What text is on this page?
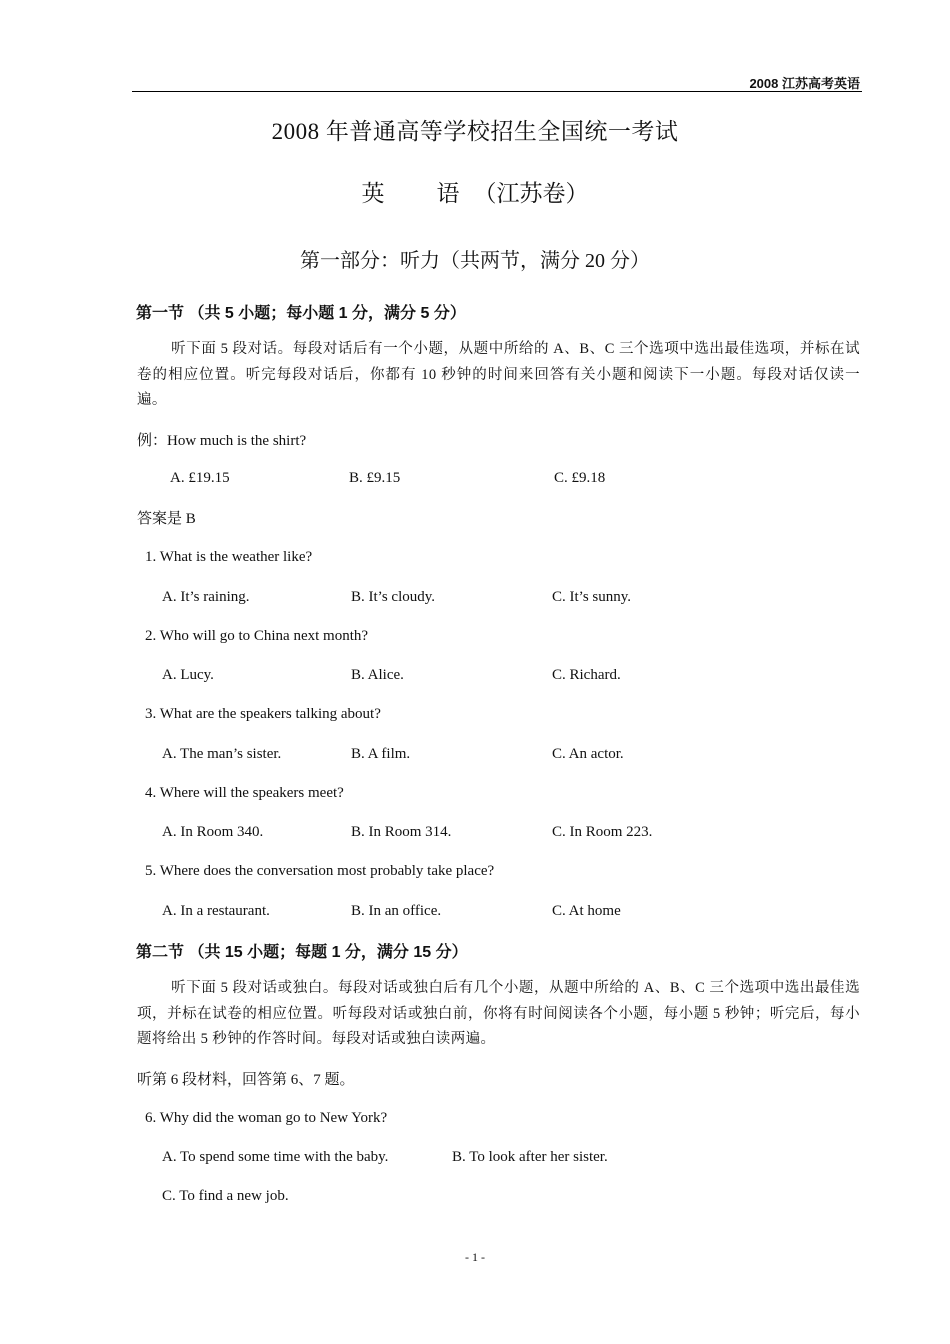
2008 江苏高考英语
2008 年普通高等学校招生全国统一考试
英 语 （江苏卷）
第一部分：听力（共两节，满分 20 分）
第一节 （共 5 小题；每小题 1 分，满分 5 分）
听下面 5 段对话。每段对话后有一个小题，从题中所给的 A、B、C 三个选项中选出最佳选项，并标在试卷的相应位置。听完每段对话后，你都有 10 秒钟的时间来回答有关小题和阅读下一小题。每段对话仅读一遍。
例：How much is the shirt?
A. £19.15	B. £9.15	C. £9.18
答案是 B
1. What is the weather like?
A. It’s raining.	B. It’s cloudy.	C. It’s sunny.
2. Who will go to China next month?
A. Lucy.	B. Alice.	C. Richard.
3. What are the speakers talking about?
A. The man’s sister.	B. A film.	C. An actor.
4. Where will the speakers meet?
A. In Room 340.	B. In Room 314.	C. In Room 223.
5. Where does the conversation most probably take place?
A. In a restaurant.	B. In an office.	C. At home
第二节 （共 15 小题；每题 1 分，满分 15 分）
听下面 5 段对话或独白。每段对话或独白后有几个小题，从题中所给的 A、B、C 三个选项中选出最佳选项，并标在试卷的相应位置。听每段对话或独白前，你将有时间阅读各个小题，每小题 5 秒钟；听完后，每小题将给出 5 秒钟的作答时间。每段对话或独白读两遍。
听第 6 段材料，回答第 6、7 题。
6. Why did the woman go to New York?
A. To spend some time with the baby.	B. To look after her sister.
C. To find a new job.
- 1 -
